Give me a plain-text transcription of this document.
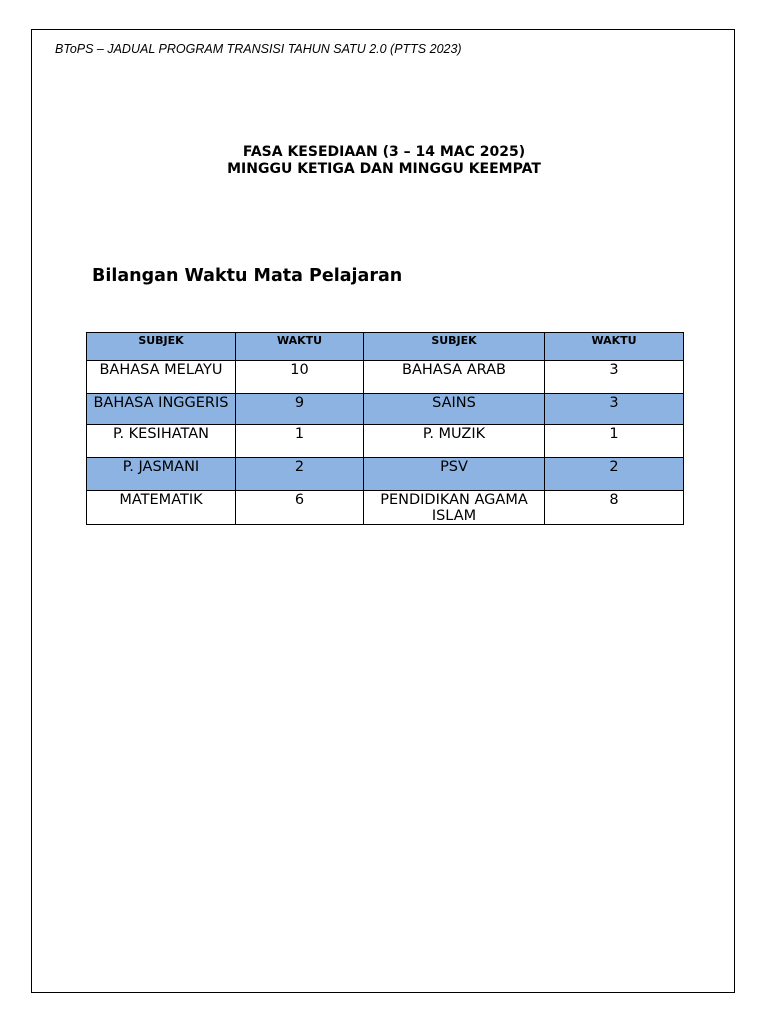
BToPS – JADUAL PROGRAM TRANSISI TAHUN SATU 2.0 (PTTS 2023)
FASA KESEDIAAN (3 – 14 MAC 2025)
MINGGU KETIGA DAN MINGGU KEEMPAT
Bilangan Waktu Mata Pelajaran
SUBJEK	WAKTU	SUBJEK	WAKTU
BAHASA MELAYU	10	BAHASA ARAB	3
BAHASA INGGERIS	9	SAINS	3
P. KESIHATAN	1	P. MUZIK	1
P. JASMANI	2	PSV	2
MATEMATIK	6	PENDIDIKAN AGAMA ISLAM	8
